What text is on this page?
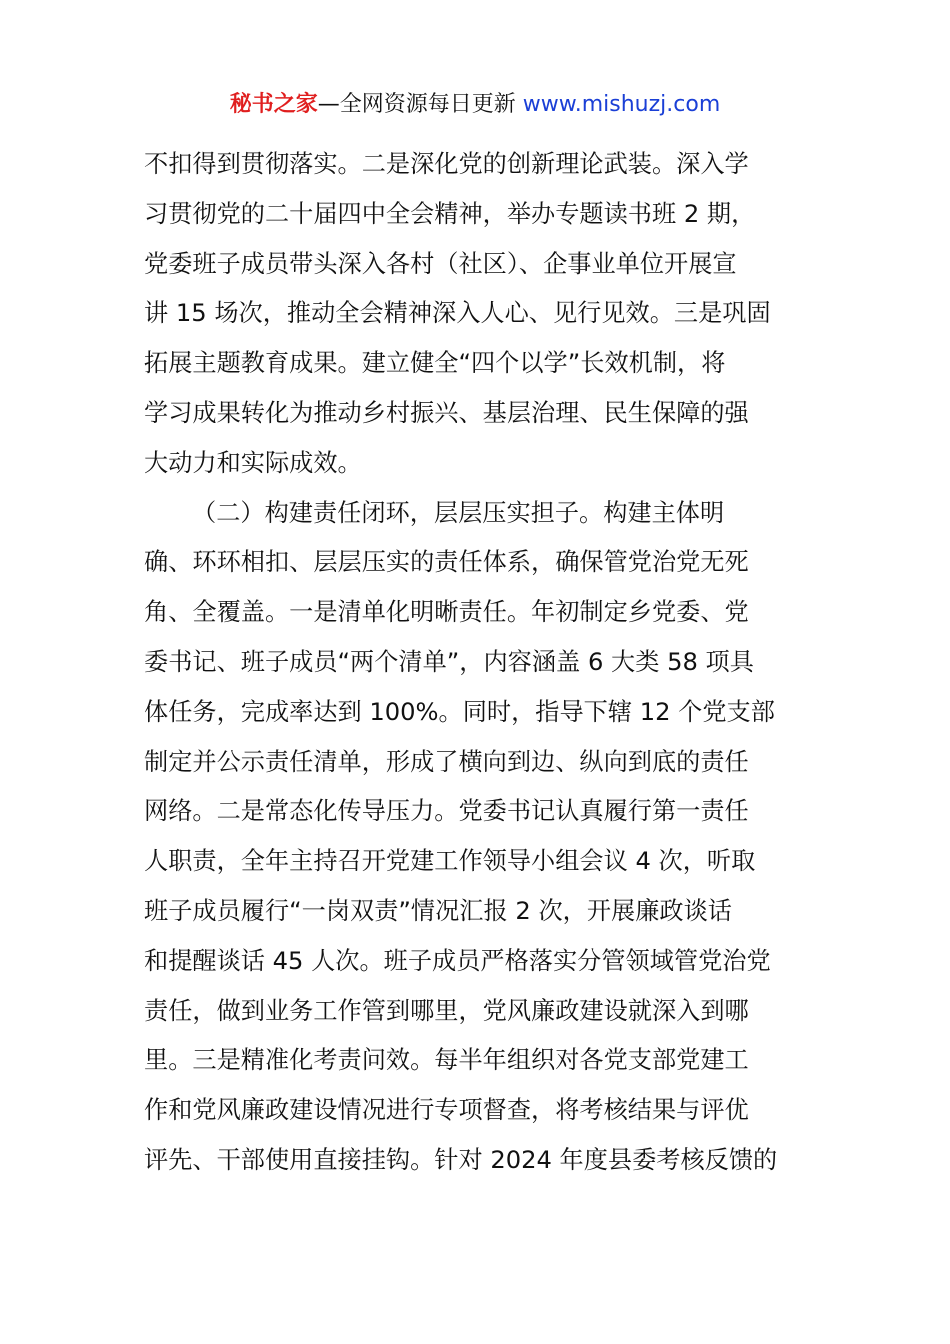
秘书之家—全网资源每日更新 www.mishuzj.com
不扣得到贯彻落实。二是深化党的创新理论武装。深入学
习贯彻党的二十届四中全会精神，举办专题读书班 2 期，
党委班子成员带头深入各村（社区）、企事业单位开展宣
讲 15 场次，推动全会精神深入人心、见行见效。三是巩固
拓展主题教育成果。建立健全“四个以学”长效机制，将
学习成果转化为推动乡村振兴、基层治理、民生保障的强
大动力和实际成效。
（二）构建责任闭环，层层压实担子。构建主体明
确、环环相扣、层层压实的责任体系，确保管党治党无死
角、全覆盖。一是清单化明晰责任。年初制定乡党委、党
委书记、班子成员“两个清单”，内容涵盖 6 大类 58 项具
体任务，完成率达到 100%。同时，指导下辖 12 个党支部
制定并公示责任清单，形成了横向到边、纵向到底的责任
网络。二是常态化传导压力。党委书记认真履行第一责任
人职责，全年主持召开党建工作领导小组会议 4 次，听取
班子成员履行“一岗双责”情况汇报 2 次，开展廉政谈话
和提醒谈话 45 人次。班子成员严格落实分管领域管党治党
责任，做到业务工作管到哪里，党风廉政建设就深入到哪
里。三是精准化考责问效。每半年组织对各党支部党建工
作和党风廉政建设情况进行专项督查，将考核结果与评优
评先、干部使用直接挂钩。针对 2024 年度县委考核反馈的
